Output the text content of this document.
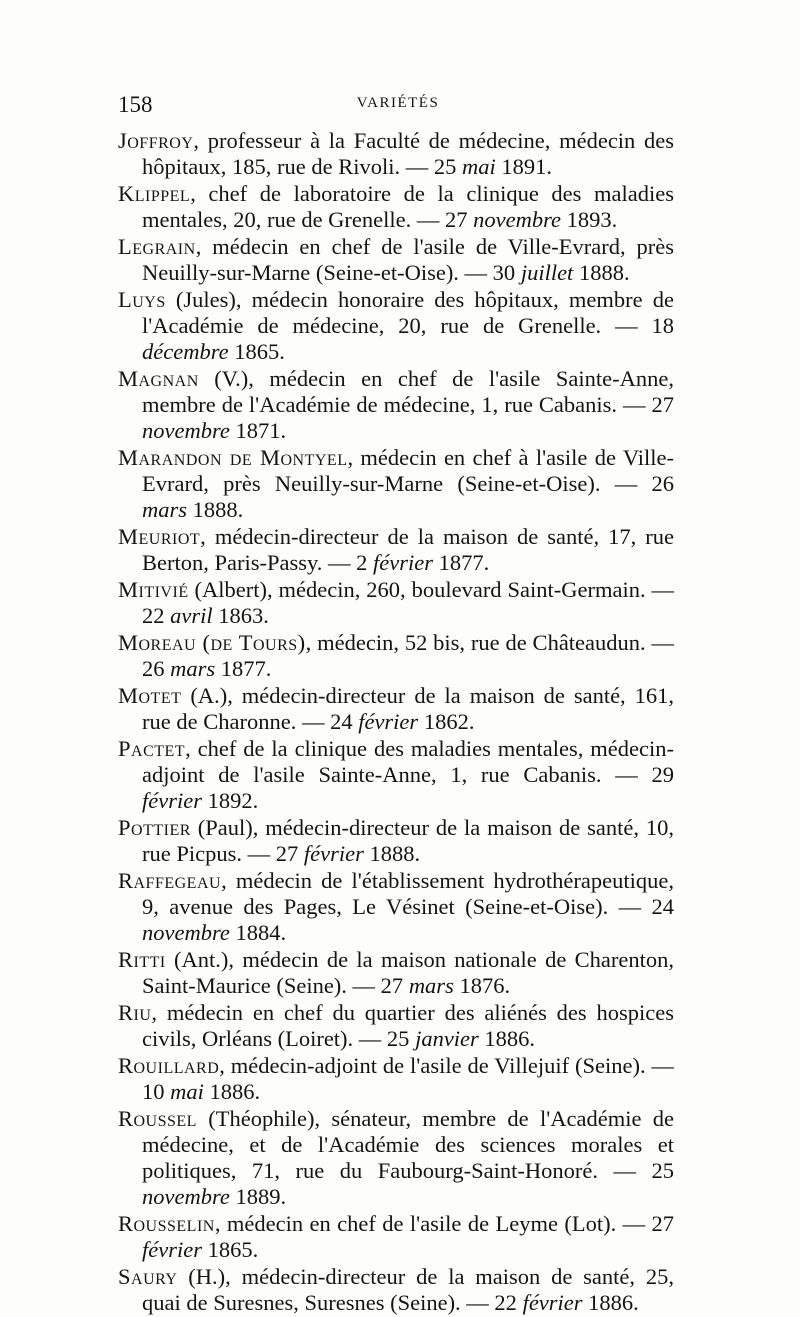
158	VARIÉTÉS

Joffroy, professeur à la Faculté de médecine, médecin des hôpitaux, 185, rue de Rivoli. — 25 mai 1891.

Klippel, chef de laboratoire de la clinique des maladies mentales, 20, rue de Grenelle. — 27 novembre 1893.

Legrain, médecin en chef de l'asile de Ville-Evrard, près Neuilly-sur-Marne (Seine-et-Oise). — 30 juillet 1888.

Luys (Jules), médecin honoraire des hôpitaux, membre de l'Académie de médecine, 20, rue de Grenelle. — 18 décembre 1865.

Magnan (V.), médecin en chef de l'asile Sainte-Anne, membre de l'Académie de médecine, 1, rue Cabanis. — 27 novembre 1871.

Marandon de Montyel, médecin en chef à l'asile de Ville-Evrard, près Neuilly-sur-Marne (Seine-et-Oise). — 26 mars 1888.

Meuriot, médecin-directeur de la maison de santé, 17, rue Berton, Paris-Passy. — 2 février 1877.

Mitivié (Albert), médecin, 260, boulevard Saint-Germain. — 22 avril 1863.

Moreau (de Tours), médecin, 52 bis, rue de Châteaudun. — 26 mars 1877.

Motet (A.), médecin-directeur de la maison de santé, 161, rue de Charonne. — 24 février 1862.

Pactet, chef de la clinique des maladies mentales, médecin-adjoint de l'asile Sainte-Anne, 1, rue Cabanis. — 29 février 1892.

Pottier (Paul), médecin-directeur de la maison de santé, 10, rue Picpus. — 27 février 1888.

Raffegeau, médecin de l'établissement hydrothérapeutique, 9, avenue des Pages, Le Vésinet (Seine-et-Oise). — 24 novembre 1884.

Ritti (Ant.), médecin de la maison nationale de Charenton, Saint-Maurice (Seine). — 27 mars 1876.

Riu, médecin en chef du quartier des aliénés des hospices civils, Orléans (Loiret). — 25 janvier 1886.

Rouillard, médecin-adjoint de l'asile de Villejuif (Seine). — 10 mai 1886.

Roussel (Théophile), sénateur, membre de l'Académie de médecine, et de l'Académie des sciences morales et politiques, 71, rue du Faubourg-Saint-Honoré. — 25 novembre 1889.

Rousselin, médecin en chef de l'asile de Leyme (Lot). — 27 février 1865.

Saury (H.), médecin-directeur de la maison de santé, 25, quai de Suresnes, Suresnes (Seine). — 22 février 1886.
